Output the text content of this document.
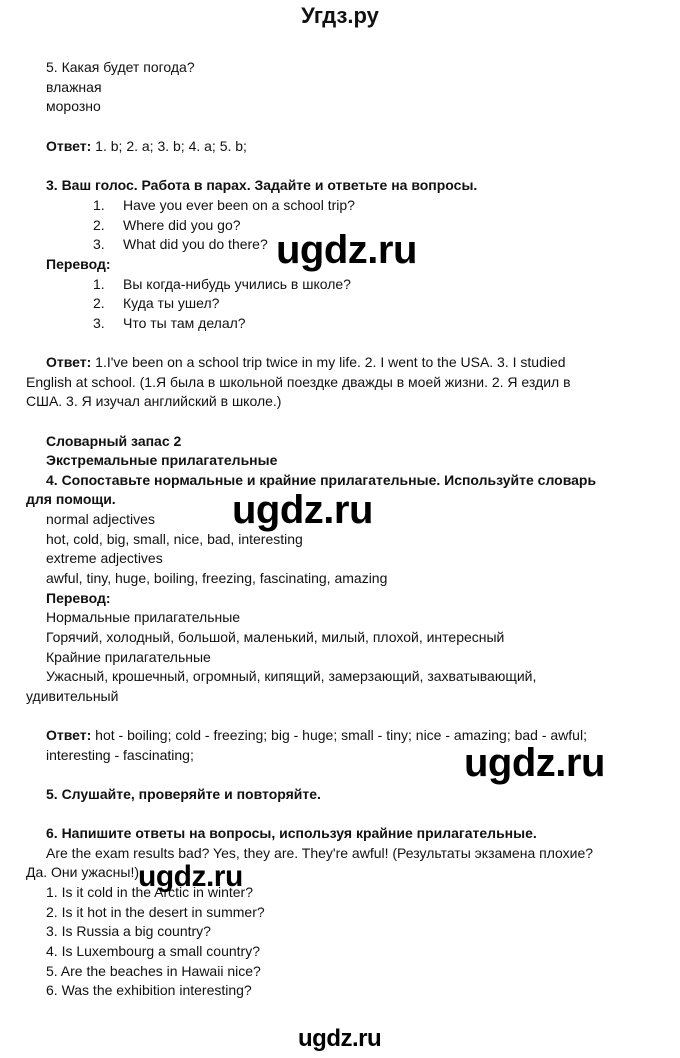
Угдз.ру
5. Какая будет погода?
влажная
морозно
Ответ: 1. b; 2. a; 3. b; 4. a; 5. b;
3. Ваш голос. Работа в парах. Задайте и ответьте на вопросы.
1. Have you ever been on a school trip?
2. Where did you go?
3. What did you do there?
Перевод:
1. Вы когда-нибудь учились в школе?
2. Куда ты ушел?
3. Что ты там делал?
Ответ: 1.I've been on a school trip twice in my life. 2. I went to the USA. 3. I studied
English at school. (1.Я была в школьной поездке дважды в моей жизни. 2. Я ездил в
США. 3. Я изучал английский в школе.)
Словарный запас 2
Экстремальные прилагательные
4. Сопоставьте нормальные и крайние прилагательные. Используйте словарь
для помощи.
normal adjectives
hot, cold, big, small, nice, bad, interesting
extreme adjectives
awful, tiny, huge, boiling, freezing, fascinating, amazing
Перевод:
Нормальные прилагательные
Горячий, холодный, большой, маленький, милый, плохой, интересный
Крайние прилагательные
Ужасный, крошечный, огромный, кипящий, замерзающий, захватывающий,
удивительный
Ответ: hot - boiling; cold - freezing; big - huge; small - tiny; nice - amazing; bad - awful;
interesting - fascinating;
5. Слушайте, проверяйте и повторяйте.
6. Напишите ответы на вопросы, используя крайние прилагательные.
Are the exam results bad? Yes, they are. They're awful! (Результаты экзамена плохие?
Да. Они ужасны!)
1. Is it cold in the Arctic in winter?
2. Is it hot in the desert in summer?
3. Is Russia a big country?
4. Is Luxembourg a small country?
5. Are the beaches in Hawaii nice?
6. Was the exhibition interesting?
ugdz.ru
ugdz.ru
ugdz.ru
ugdz.ru
ugdz.ru
